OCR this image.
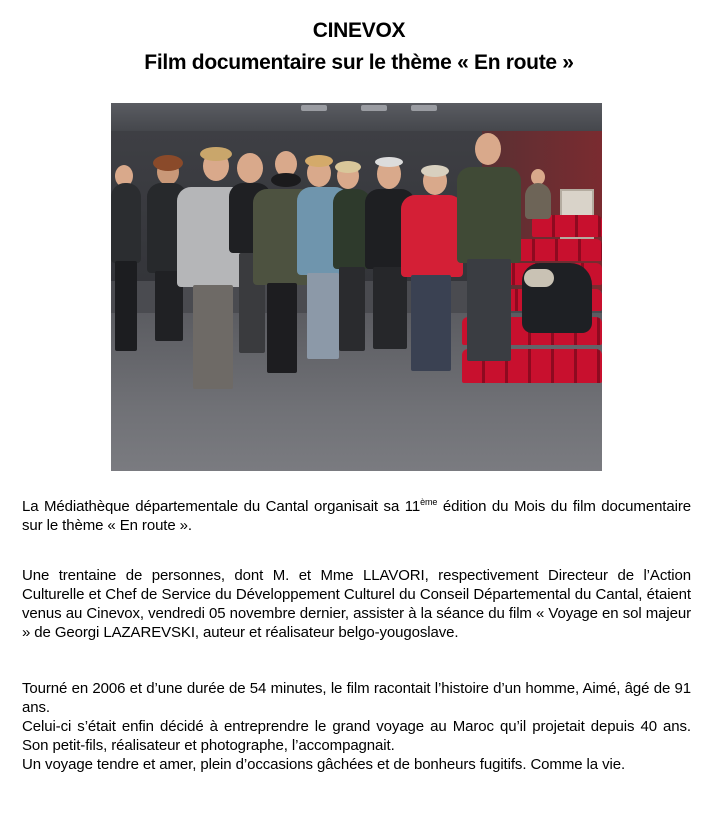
CINEVOX
Film documentaire sur le thème « En route »

La Médiathèque départementale du Cantal organisait sa 11ème édition du Mois du film documentaire sur le thème « En route ».

Une trentaine de personnes, dont M. et Mme LLAVORI, respectivement Directeur de l’Action Culturelle et Chef de Service du Développement Culturel du Conseil Départemental du Cantal, étaient venus au Cinevox, vendredi 05 novembre dernier, assister à la séance du film « Voyage en sol majeur » de Georgi LAZAREVSKI, auteur et réalisateur belgo-yougoslave.

Tourné en 2006 et d’une durée de 54 minutes, le film racontait l’histoire d’un homme, Aimé, âgé de 91 ans.

Celui-ci s’était enfin décidé à entreprendre le grand voyage au Maroc qu’il projetait depuis 40 ans. Son petit-fils, réalisateur et photographe, l’accompagnait.

Un voyage tendre et amer, plein d’occasions gâchées et de bonheurs fugitifs. Comme la vie.
